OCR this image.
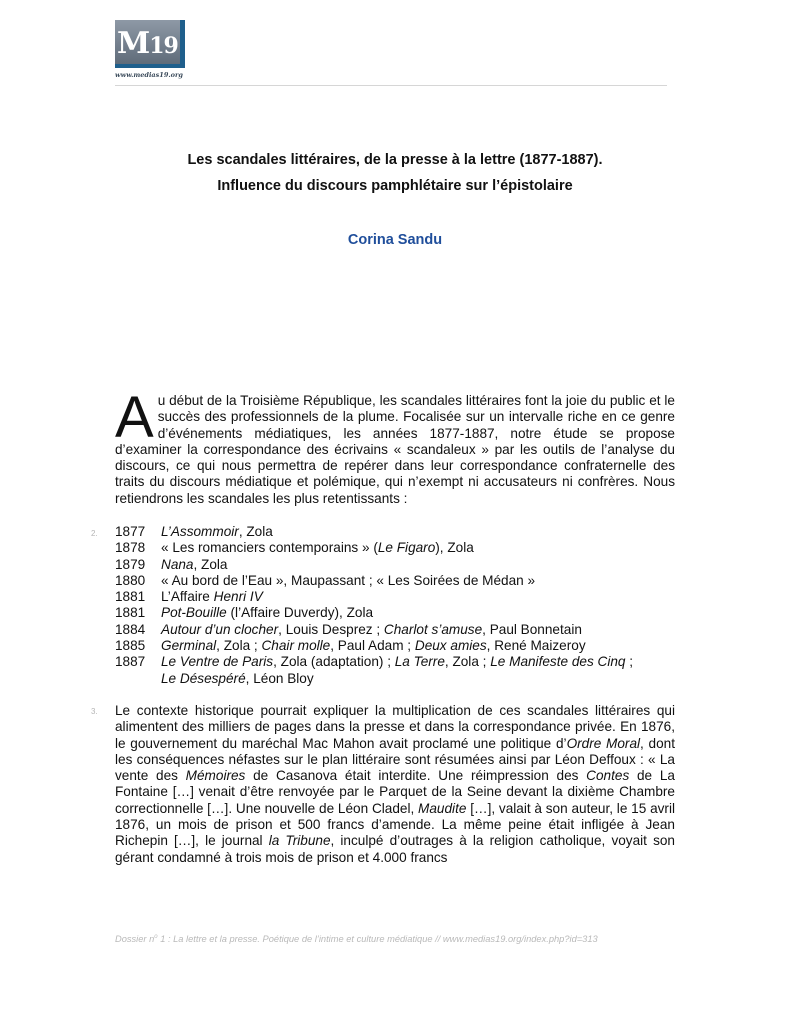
M19
www.medias19.org
Les scandales littéraires, de la presse à la lettre (1877-1887).
Influence du discours pamphlétaire sur l’épistolaire
Corina Sandu
Au début de la Troisième République, les scandales littéraires font la joie du public et le succès des professionnels de la plume. Focalisée sur un intervalle riche en ce genre d’événements médiatiques, les années 1877-1887, notre étude se propose d’examiner la correspondance des écrivains « scandaleux » par les outils de l’analyse du discours, ce qui nous permettra de repérer dans leur correspondance confraternelle des traits du discours médiatique et polémique, qui n’exempt ni accusateurs ni confrères. Nous retiendrons les scandales les plus retentissants :
2. 1877 L’Assommoir, Zola
1878 « Les romanciers contemporains » (Le Figaro), Zola
1879 Nana, Zola
1880 « Au bord de l’Eau », Maupassant ; « Les Soirées de Médan »
1881 L’Affaire Henri IV
1881 Pot-Bouille (l’Affaire Duverdy), Zola
1884 Autour d’un clocher, Louis Desprez ; Charlot s’amuse, Paul Bonnetain
1885 Germinal, Zola ; Chair molle, Paul Adam ; Deux amies, René Maizeroy
1887 Le Ventre de Paris, Zola (adaptation) ; La Terre, Zola ; Le Manifeste des Cinq ;
Le Désespéré, Léon Bloy
3. Le contexte historique pourrait expliquer la multiplication de ces scandales littéraires qui alimentent des milliers de pages dans la presse et dans la correspondance privée. En 1876, le gouvernement du maréchal Mac Mahon avait proclamé une politique d’Ordre Moral, dont les conséquences néfastes sur le plan littéraire sont résumées ainsi par Léon Deffoux : « La vente des Mémoires de Casanova était interdite. Une réimpression des Contes de La Fontaine […] venait d’être renvoyée par le Parquet de la Seine devant la dixième Chambre correctionnelle […]. Une nouvelle de Léon Cladel, Maudite […], valait à son auteur, le 15 avril 1876, un mois de prison et 500 francs d’amende. La même peine était infligée à Jean Richepin […], le journal la Tribune, inculpé d’outrages à la religion catholique, voyait son gérant condamné à trois mois de prison et 4.000 francs
Dossier $n^o$ 1 : La lettre et la presse. Poétique de l’intime et culture médiatique // www.medias19.org/index.php?id=313
